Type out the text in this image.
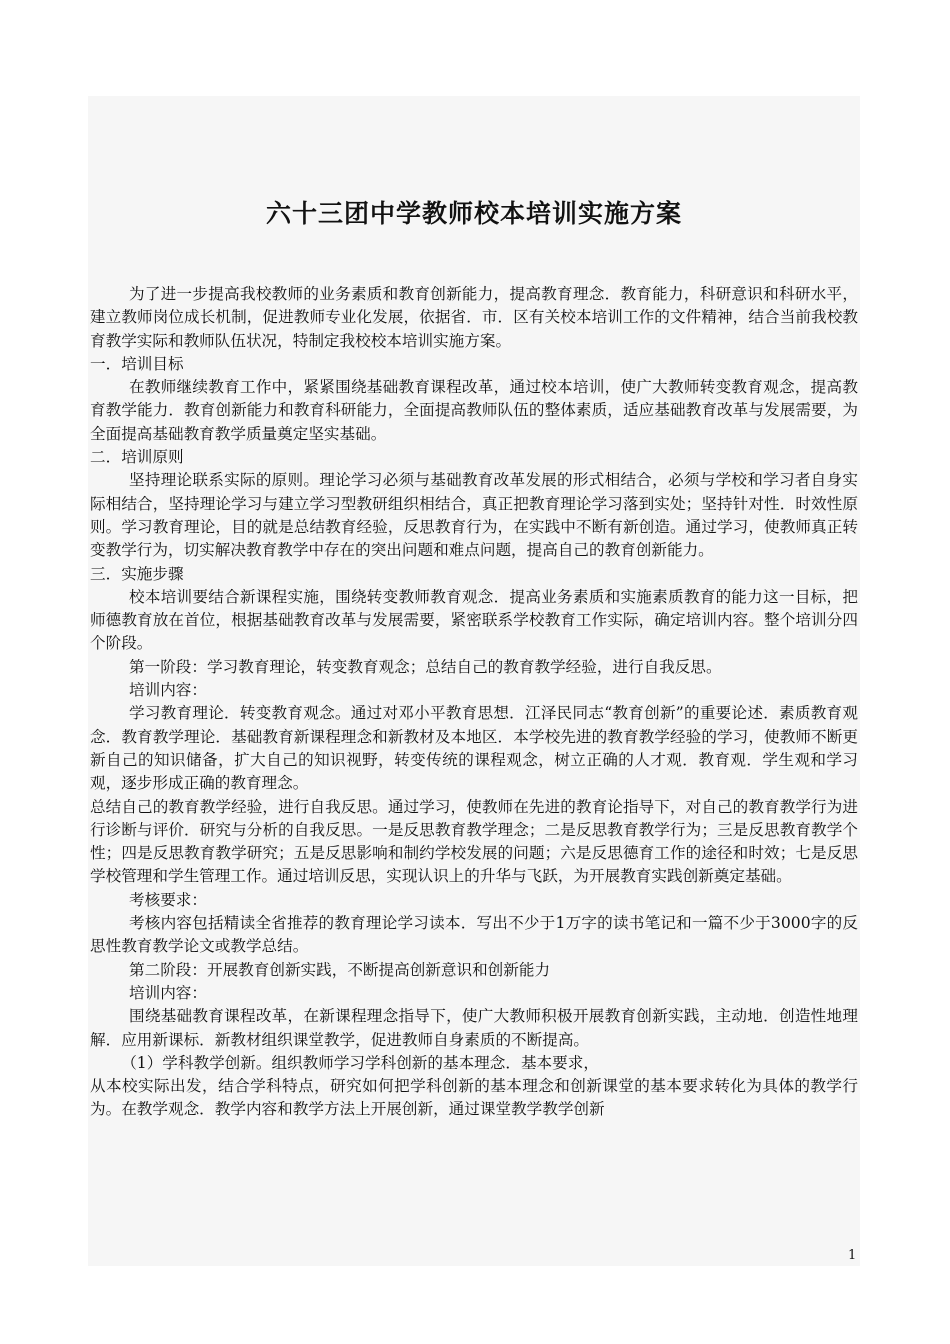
六十三团中学教师校本培训实施方案

为了进一步提高我校教师的业务素质和教育创新能力，提高教育理念．教育能力，科研意识和科研水平，建立教师岗位成长机制，促进教师专业化发展，依据省．市．区有关校本培训工作的文件精神，结合当前我校教育教学实际和教师队伍状况，特制定我校校本培训实施方案。

一．培训目标

在教师继续教育工作中，紧紧围绕基础教育课程改革，通过校本培训，使广大教师转变教育观念，提高教育教学能力．教育创新能力和教育科研能力，全面提高教师队伍的整体素质，适应基础教育改革与发展需要，为全面提高基础教育教学质量奠定坚实基础。

二．培训原则

坚持理论联系实际的原则。理论学习必须与基础教育改革发展的形式相结合，必须与学校和学习者自身实际相结合，坚持理论学习与建立学习型教研组织相结合，真正把教育理论学习落到实处；坚持针对性．时效性原则。学习教育理论，目的就是总结教育经验，反思教育行为，在实践中不断有新创造。通过学习，使教师真正转变教学行为，切实解决教育教学中存在的突出问题和难点问题，提高自己的教育创新能力。

三．实施步骤

校本培训要结合新课程实施，围绕转变教师教育观念．提高业务素质和实施素质教育的能力这一目标，把师德教育放在首位，根据基础教育改革与发展需要，紧密联系学校教育工作实际，确定培训内容。整个培训分四个阶段。

第一阶段：学习教育理论，转变教育观念；总结自己的教育教学经验，进行自我反思。

培训内容：

学习教育理论．转变教育观念。通过对邓小平教育思想．江泽民同志“教育创新”的重要论述．素质教育观念．教育教学理论．基础教育新课程理念和新教材及本地区．本学校先进的教育教学经验的学习，使教师不断更新自己的知识储备，扩大自己的知识视野，转变传统的课程观念，树立正确的人才观．教育观．学生观和学习观，逐步形成正确的教育理念。

总结自己的教育教学经验，进行自我反思。通过学习，使教师在先进的教育论指导下，对自己的教育教学行为进行诊断与评价．研究与分析的自我反思。一是反思教育教学理念；二是反思教育教学行为；三是反思教育教学个性；四是反思教育教学研究；五是反思影响和制约学校发展的问题；六是反思德育工作的途径和时效；七是反思学校管理和学生管理工作。通过培训反思，实现认识上的升华与飞跃，为开展教育实践创新奠定基础。

考核要求：

考核内容包括精读全省推荐的教育理论学习读本．写出不少于1万字的读书笔记和一篇不少于3000字的反思性教育教学论文或教学总结。

第二阶段：开展教育创新实践，不断提高创新意识和创新能力

培训内容：

围绕基础教育课程改革，在新课程理念指导下，使广大教师积极开展教育创新实践，主动地．创造性地理解．应用新课标．新教材组织课堂教学，促进教师自身素质的不断提高。

（1）学科教学创新。组织教师学习学科创新的基本理念．基本要求，

从本校实际出发，结合学科特点，研究如何把学科创新的基本理念和创新课堂的基本要求转化为具体的教学行为。在教学观念．教学内容和教学方法上开展创新，通过课堂教学教学创新

1
